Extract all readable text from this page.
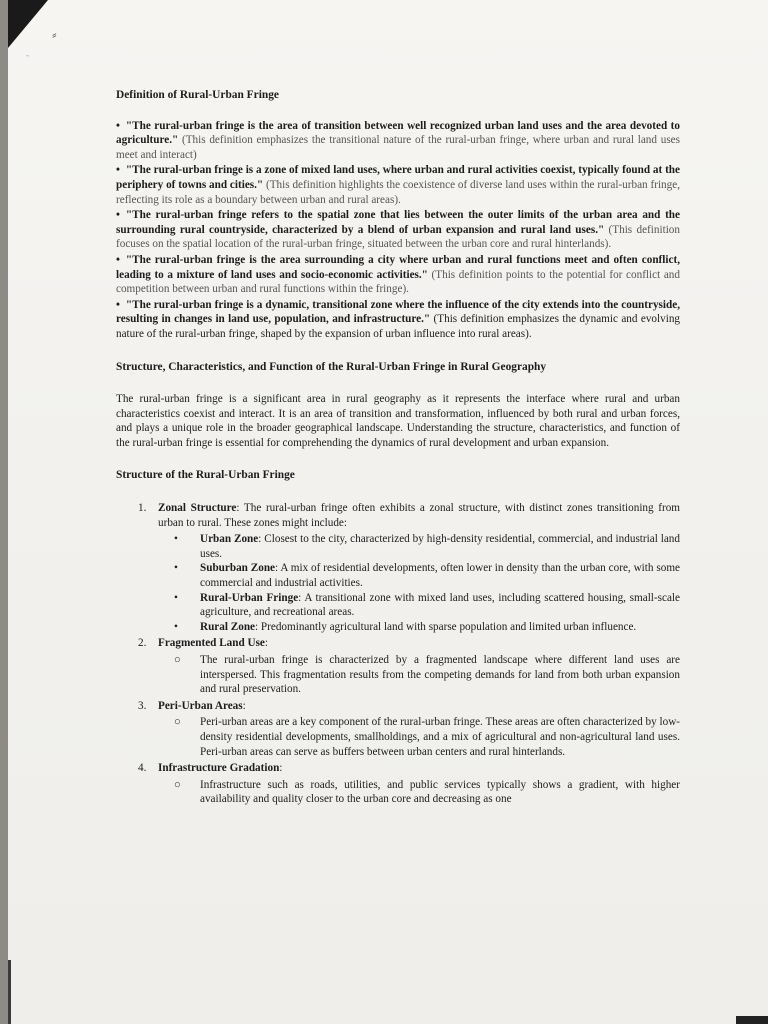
⸗
~

Definition of Rural-Urban Fringe

• "The rural-urban fringe is the area of transition between well recognized urban land uses and the area devoted to agriculture." (This definition emphasizes the transitional nature of the rural-urban fringe, where urban and rural land uses meet and interact)
• "The rural-urban fringe is a zone of mixed land uses, where urban and rural activities coexist, typically found at the periphery of towns and cities." (This definition highlights the coexistence of diverse land uses within the rural-urban fringe, reflecting its role as a boundary between urban and rural areas).
• "The rural-urban fringe refers to the spatial zone that lies between the outer limits of the urban area and the surrounding rural countryside, characterized by a blend of urban expansion and rural land uses." (This definition focuses on the spatial location of the rural-urban fringe, situated between the urban core and rural hinterlands).
• "The rural-urban fringe is the area surrounding a city where urban and rural functions meet and often conflict, leading to a mixture of land uses and socio-economic activities." (This definition points to the potential for conflict and competition between urban and rural functions within the fringe).
• "The rural-urban fringe is a dynamic, transitional zone where the influence of the city extends into the countryside, resulting in changes in land use, population, and infrastructure." (This definition emphasizes the dynamic and evolving nature of the rural-urban fringe, shaped by the expansion of urban influence into rural areas).

Structure, Characteristics, and Function of the Rural-Urban Fringe in Rural Geography

The rural-urban fringe is a significant area in rural geography as it represents the interface where rural and urban characteristics coexist and interact. It is an area of transition and transformation, influenced by both rural and urban forces, and plays a unique role in the broader geographical landscape. Understanding the structure, characteristics, and function of the rural-urban fringe is essential for comprehending the dynamics of rural development and urban expansion.

Structure of the Rural-Urban Fringe

1. Zonal Structure: The rural-urban fringe often exhibits a zonal structure, with distinct zones transitioning from urban to rural. These zones might include:
• Urban Zone: Closest to the city, characterized by high-density residential, commercial, and industrial land uses.
• Suburban Zone: A mix of residential developments, often lower in density than the urban core, with some commercial and industrial activities.
• Rural-Urban Fringe: A transitional zone with mixed land uses, including scattered housing, small-scale agriculture, and recreational areas.
• Rural Zone: Predominantly agricultural land with sparse population and limited urban influence.
2. Fragmented Land Use:
○ The rural-urban fringe is characterized by a fragmented landscape where different land uses are interspersed. This fragmentation results from the competing demands for land from both urban expansion and rural preservation.
3. Peri-Urban Areas:
○ Peri-urban areas are a key component of the rural-urban fringe. These areas are often characterized by low-density residential developments, smallholdings, and a mix of agricultural and non-agricultural land uses. Peri-urban areas can serve as buffers between urban centers and rural hinterlands.
4. Infrastructure Gradation:
○ Infrastructure such as roads, utilities, and public services typically shows a gradient, with higher availability and quality closer to the urban core and decreasing as one
